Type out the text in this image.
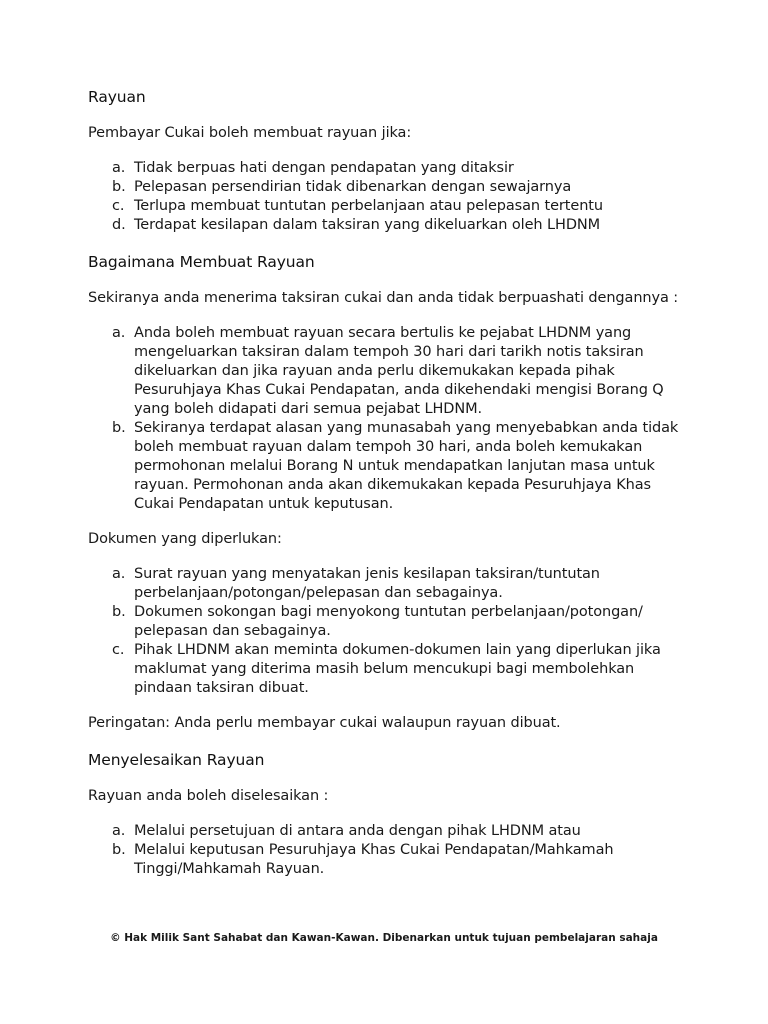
Rayuan
Pembayar Cukai boleh membuat rayuan jika:
a. Tidak berpuas hati dengan pendapatan yang ditaksir
b. Pelepasan persendirian tidak dibenarkan dengan sewajarnya
c. Terlupa membuat tuntutan perbelanjaan atau pelepasan tertentu
d. Terdapat kesilapan dalam taksiran yang dikeluarkan oleh LHDNM
Bagaimana Membuat Rayuan
Sekiranya anda menerima taksiran cukai dan anda tidak berpuashati dengannya :
a. Anda boleh membuat rayuan secara bertulis ke pejabat LHDNM yang mengeluarkan taksiran dalam tempoh 30 hari dari tarikh notis taksiran dikeluarkan dan jika rayuan anda perlu dikemukakan kepada pihak Pesuruhjaya Khas Cukai Pendapatan, anda dikehendaki mengisi Borang Q yang boleh didapati dari semua pejabat LHDNM.
b. Sekiranya terdapat alasan yang munasabah yang menyebabkan anda tidak boleh membuat rayuan dalam tempoh 30 hari, anda boleh kemukakan permohonan melalui Borang N untuk mendapatkan lanjutan masa untuk rayuan. Permohonan anda akan dikemukakan kepada Pesuruhjaya Khas Cukai Pendapatan untuk keputusan.
Dokumen yang diperlukan:
a. Surat rayuan yang menyatakan jenis kesilapan taksiran/tuntutan perbelanjaan/potongan/pelepasan dan sebagainya.
b. Dokumen sokongan bagi menyokong tuntutan perbelanjaan/potongan/ pelepasan dan sebagainya.
c. Pihak LHDNM akan meminta dokumen-dokumen lain yang diperlukan jika maklumat yang diterima masih belum mencukupi bagi membolehkan pindaan taksiran dibuat.
Peringatan: Anda perlu membayar cukai walaupun rayuan dibuat.
Menyelesaikan Rayuan
Rayuan anda boleh diselesaikan :
a. Melalui persetujuan di antara anda dengan pihak LHDNM atau
b. Melalui keputusan Pesuruhjaya Khas Cukai Pendapatan/Mahkamah Tinggi/Mahkamah Rayuan.
© Hak Milik Sant Sahabat dan Kawan-Kawan. Dibenarkan untuk tujuan pembelajaran sahaja
